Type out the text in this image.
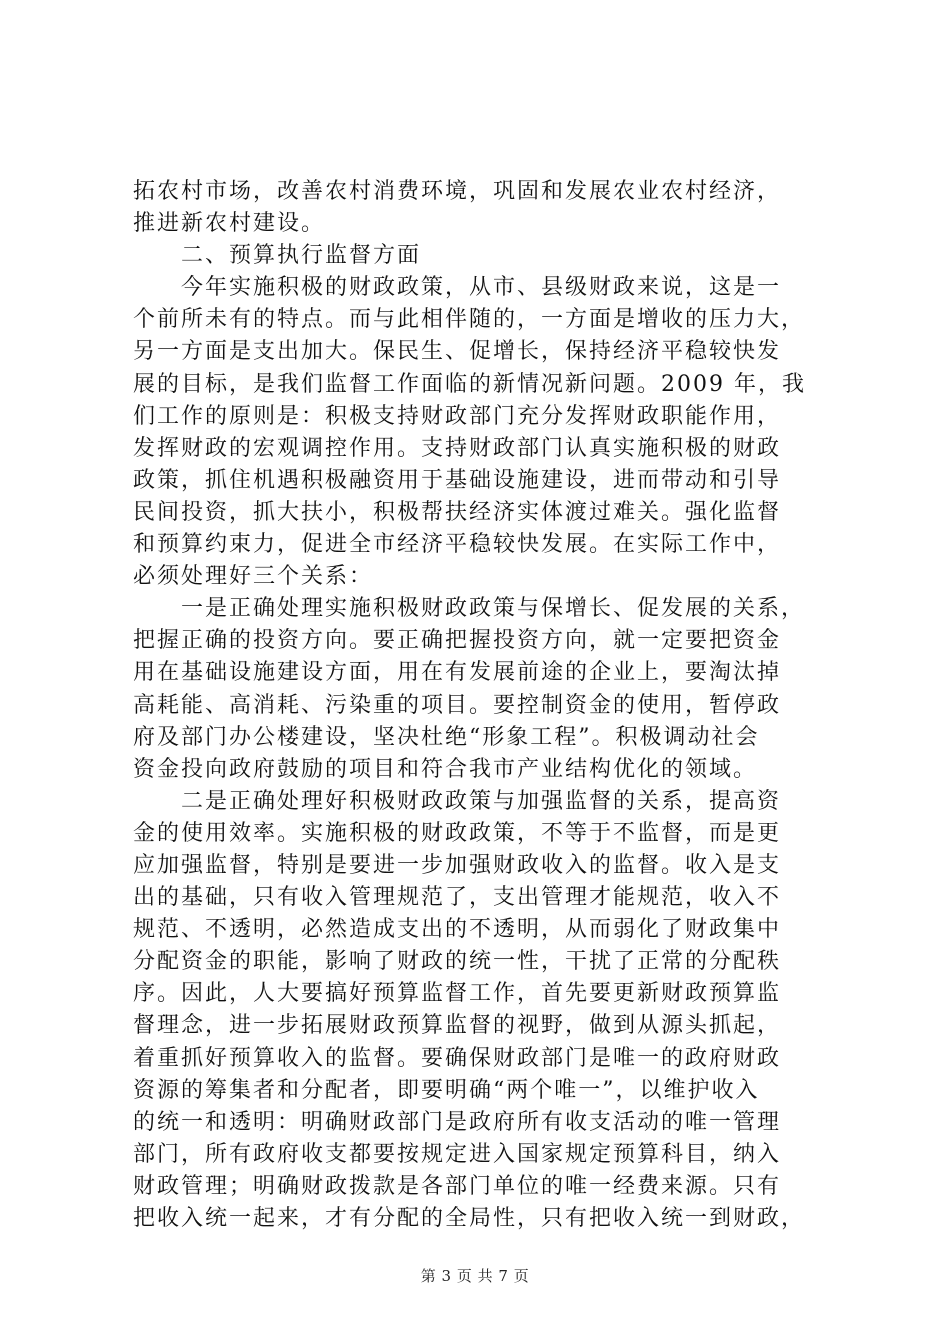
拓农村市场，改善农村消费环境，巩固和发展农业农村经济，
推进新农村建设。

二、预算执行监督方面

今年实施积极的财政政策，从市、县级财政来说，这是一

个前所未有的特点。而与此相伴随的，一方面是增收的压力大，
另一方面是支出加大。保民生、促增长，保持经济平稳较快发
展的目标，是我们监督工作面临的新情况新问题。2009 年，我
们工作的原则是：积极支持财政部门充分发挥财政职能作用，
发挥财政的宏观调控作用。支持财政部门认真实施积极的财政
政策，抓住机遇积极融资用于基础设施建设，进而带动和引导
民间投资，抓大扶小，积极帮扶经济实体渡过难关。强化监督
和预算约束力，促进全市经济平稳较快发展。在实际工作中，
必须处理好三个关系：

一是正确处理实施积极财政政策与保增长、促发展的关系，

把握正确的投资方向。要正确把握投资方向，就一定要把资金
用在基础设施建设方面，用在有发展前途的企业上，要淘汰掉
高耗能、高消耗、污染重的项目。要控制资金的使用，暂停政
府及部门办公楼建设，坚决杜绝“形象工程”。积极调动社会
资金投向政府鼓励的项目和符合我市产业结构优化的领域。

二是正确处理好积极财政政策与加强监督的关系，提高资

金的使用效率。实施积极的财政政策，不等于不监督，而是更
应加强监督，特别是要进一步加强财政收入的监督。收入是支
出的基础，只有收入管理规范了，支出管理才能规范，收入不
规范、不透明，必然造成支出的不透明，从而弱化了财政集中
分配资金的职能，影响了财政的统一性，干扰了正常的分配秩
序。因此，人大要搞好预算监督工作，首先要更新财政预算监
督理念，进一步拓展财政预算监督的视野，做到从源头抓起，
着重抓好预算收入的监督。要确保财政部门是唯一的政府财政
资源的筹集者和分配者，即要明确“两个唯一”，以维护收入
的统一和透明：明确财政部门是政府所有收支活动的唯一管理
部门，所有政府收支都要按规定进入国家规定预算科目，纳入
财政管理；明确财政拨款是各部门单位的唯一经费来源。只有
把收入统一起来，才有分配的全局性，只有把收入统一到财政，

第 3 页 共 7 页
